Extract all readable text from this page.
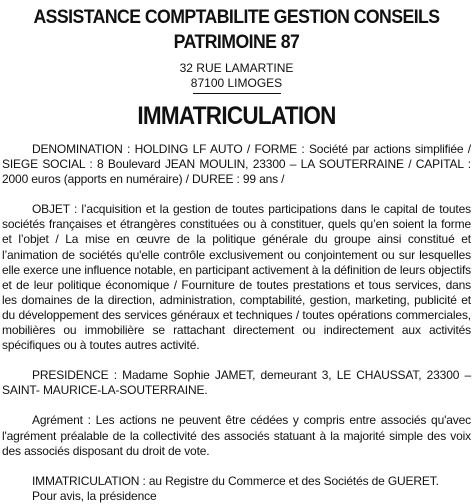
ASSISTANCE COMPTABILITE GESTION CONSEILS
PATRIMOINE 87
32 RUE LAMARTINE
87100 LIMOGES
IMMATRICULATION

DENOMINATION : HOLDING LF AUTO / FORME : Société par actions simplifiée / SIEGE SOCIAL : 8 Boulevard JEAN MOULIN, 23300 – LA SOUTERRAINE / CAPITAL : 2000 euros (apports en numéraire) / DUREE : 99 ans /

OBJET : l’acquisition et la gestion de toutes participations dans le capital de toutes sociétés françaises et étrangères constituées ou à constituer, quels qu’en soient la forme et l’objet / La mise en œuvre de la politique générale du groupe ainsi constitué et l’animation de sociétés qu'elle contrôle exclusivement ou conjointement ou sur lesquelles elle exerce une influence notable, en participant activement à la définition de leurs objectifs et de leur politique économique / Fourniture de toutes prestations et tous services, dans les domaines de la direction, administration, comptabilité, gestion, marketing, publicité et du développement des services généraux et techniques / toutes opérations commerciales, mobilières ou immobilière se rattachant directement ou indirectement aux activités spécifiques ou à toutes autres activité.

PRESIDENCE : Madame Sophie JAMET, demeurant 3, LE CHAUSSAT, 23300 – SAINT- MAURICE-LA-SOUTERRAINE.

Agrément : Les actions ne peuvent être cédées y compris entre associés qu'avec l'agrément préalable de la collectivité des associés statuant à la majorité simple des voix des associés disposant du droit de vote.

IMMATRICULATION : au Registre du Commerce et des Sociétés de GUERET.

Pour avis, la présidence
